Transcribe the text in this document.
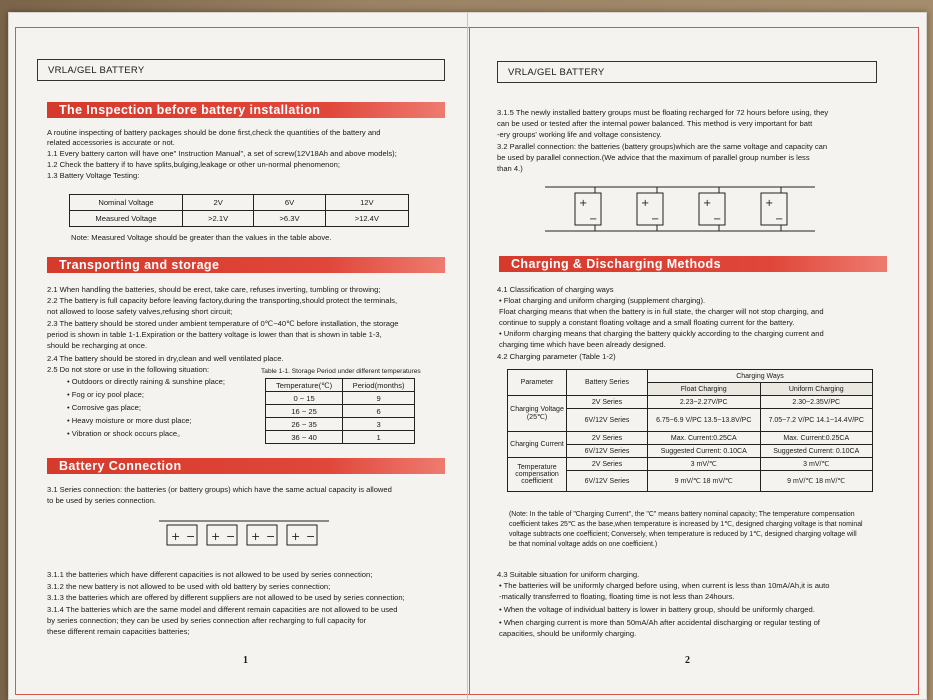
VRLA/GEL BATTERY
The Inspection before battery installation
A routine inspecting of battery packages should be done first,check the quantities of the battery and
related accessories is accurate or not.
1.1 Every battery carton will have one" Instruction Manual", a set of screw(12V18Ah and above models);
1.2 Check the battery if to have splits,bulging,leakage or other un-normal phenomenon;
1.3 Battery Voltage Testing:
Nominal Voltage	2V	6V	12V
Measured Voltage	>2.1V	>6.3V	>12.4V
Note: Measured Voltage should be greater than the values in the table above.
Transporting and storage
2.1 When handling the batteries, should be erect, take care, refuses inverting, tumbling or throwing;
2.2 The battery is full capacity before leaving factory,during the transporting,should protect the terminals,
not allowed to loose safety valves,refusing short circuit;
2.3 The battery should be stored under ambient temperature of 0℃~40℃ before installation, the storage
period is shown in table 1-1.Expiration or the battery voltage is lower than that is shown in table 1-3,
should be recharging at once.
2.4 The battery should be stored in dry,clean and well ventilated place.
2.5 Do not store or use in the following situation:
• Outdoors or directly raining & sunshine place;
• Fog or icy pool place;
• Corrosive gas place;
• Heavy moisture or more dust place;
• Vibration or shock occurs place。
Table 1-1. Storage Period under different temperatures
Temperature(℃)	Period(months)
0 ~ 15	9
16 ~ 25	6
26 ~ 35	3
36 ~ 40	1
Battery Connection
3.1 Series connection: the batteries (or battery groups) which have the same actual capacity is allowed
to be used by series connection.
+ − + − + − + −
3.1.1 the batteries which have different capacities is not allowed to be used by series connection;
3.1.2 the new battery is not allowed to be used with old battery by series connection;
3.1.3 the batteries which are offered by different suppliers are not allowed to be used by series connection;
3.1.4 The batteries which are the same model and different remain capacities are not allowed to be used
by series connection; they can be used by series connection after recharging to full capacity for
these different remain capacities batteries;
1
VRLA/GEL BATTERY
3.1.5 The newly installed battery groups must be floating recharged for 72 hours before using, they
can be used or tested after the internal power balanced. This method is very important for batt
-ery groups' working life and voltage consistency.
3.2 Parallel connection: the batteries (battery groups)which are the same voltage and capacity can
be used by parallel connection.(We advice that the maximum of parallel group number is less
than 4.)
+
−
+
−
+
−
+
−
Charging & Discharging Methods
4.1 Classification of charging ways
• Float charging and uniform charging (supplement charging).
Float charging means that when the battery is in full state, the charger will not stop charging, and
continue to supply a constant floating voltage and a small floating current for the battery.
• Uniform charging means that charging the battery quickly according to the charging current and
charging time which have been already designed.
4.2 Charging parameter (Table 1-2)
Parameter	Battery Series	Charging Ways	
		Float Charging	Uniform Charging
Charging Voltage (25℃)	2V Series	2.23~2.27V/PC	2.30~2.35V/PC
	6V/12V Series	6.75~6.9 V/PC 13.5~13.8V/PC	7.05~7.2 V/PC 14.1~14.4V/PC
Charging Current	2V Series	Max. Current:0.25CA	Max. Current:0.25CA
	6V/12V Series	Suggested Current: 0.10CA	Suggested Current: 0.10CA
Temperature compensation coefficient	2V Series	3 mV/℃	3 mV/℃
	6V/12V Series	9 mV/℃ 18 mV/℃	9 mV/℃ 18 mV/℃
(Note: In the table of "Charging Current", the "C" means battery nominal capacity; The temperature compensation
coefficient takes 25℃ as the base,when temperature is increased by 1℃, designed charging voltage is that nominal
voltage subtracts one coefficient; Conversely, when temperature is reduced by 1℃, designed charging voltage will
be that nominal voltage adds on one coefficient.)
4.3 Suitable situation for uniform charging.
• The batteries will be uniformly charged before using, when current is less than 10mA/Ah,it is auto
-matically transferred to floating, floating time is not less than 24hours.
• When the voltage of individual battery is lower in battery group, should be uniformly charged.
• When charging current is more than 50mA/Ah after accidental discharging or regular testing of
capacities, should be uniformly charging.
2
